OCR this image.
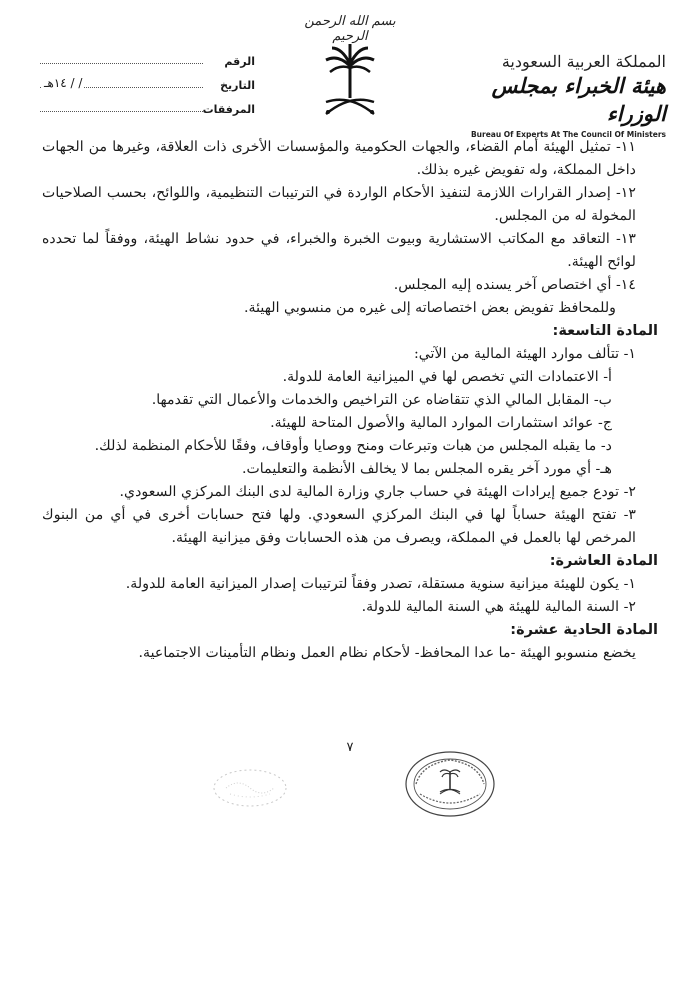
بسم الله الرحمن الرحيم
المملكة العربية السعودية
هيئة الخبراء بمجلس الوزراء
Bureau Of Experts At The Council Of Ministers
الرقم
التاريخ
/ / ١٤هـ
المرفقات

١١- تمثيل الهيئة أمام القضاء، والجهات الحكومية والمؤسسات الأخرى ذات العلاقة، وغيرها من الجهات داخل المملكة، وله تفويض غيره بذلك.

١٢- إصدار القرارات اللازمة لتنفيذ الأحكام الواردة في الترتيبات التنظيمية، واللوائح، بحسب الصلاحيات المخولة له من المجلس.

١٣- التعاقد مع المكاتب الاستشارية وبيوت الخبرة والخبراء، في حدود نشاط الهيئة، ووفقاً لما تحدده لوائح الهيئة.

١٤- أي اختصاص آخر يسنده إليه المجلس.

وللمحافظ تفويض بعض اختصاصاته إلى غيره من منسوبي الهيئة.

المادة التاسعة:

١- تتألف موارد الهيئة المالية من الآتي:

أ- الاعتمادات التي تخصص لها في الميزانية العامة للدولة.

ب- المقابل المالي الذي تتقاضاه عن التراخيص والخدمات والأعمال التي تقدمها.

ج- عوائد استثمارات الموارد المالية والأصول المتاحة للهيئة.

د- ما يقبله المجلس من هبات وتبرعات ومنح ووصايا وأوقاف، وفقًا للأحكام المنظمة لذلك.

هـ- أي مورد آخر يقره المجلس بما لا يخالف الأنظمة والتعليمات.

٢- تودع جميع إيرادات الهيئة في حساب جاري وزارة المالية لدى البنك المركزي السعودي.

٣- تفتح الهيئة حساباً لها في البنك المركزي السعودي. ولها فتح حسابات أخرى في أي من البنوك المرخص لها بالعمل في المملكة، ويصرف من هذه الحسابات وفق ميزانية الهيئة.

المادة العاشرة:

١- يكون للهيئة ميزانية سنوية مستقلة، تصدر وفقاً لترتيبات إصدار الميزانية العامة للدولة.

٢- السنة المالية للهيئة هي السنة المالية للدولة.

المادة الحادية عشرة:

يخضع منسوبو الهيئة -ما عدا المحافظ- لأحكام نظام العمل ونظام التأمينات الاجتماعية.

٧
